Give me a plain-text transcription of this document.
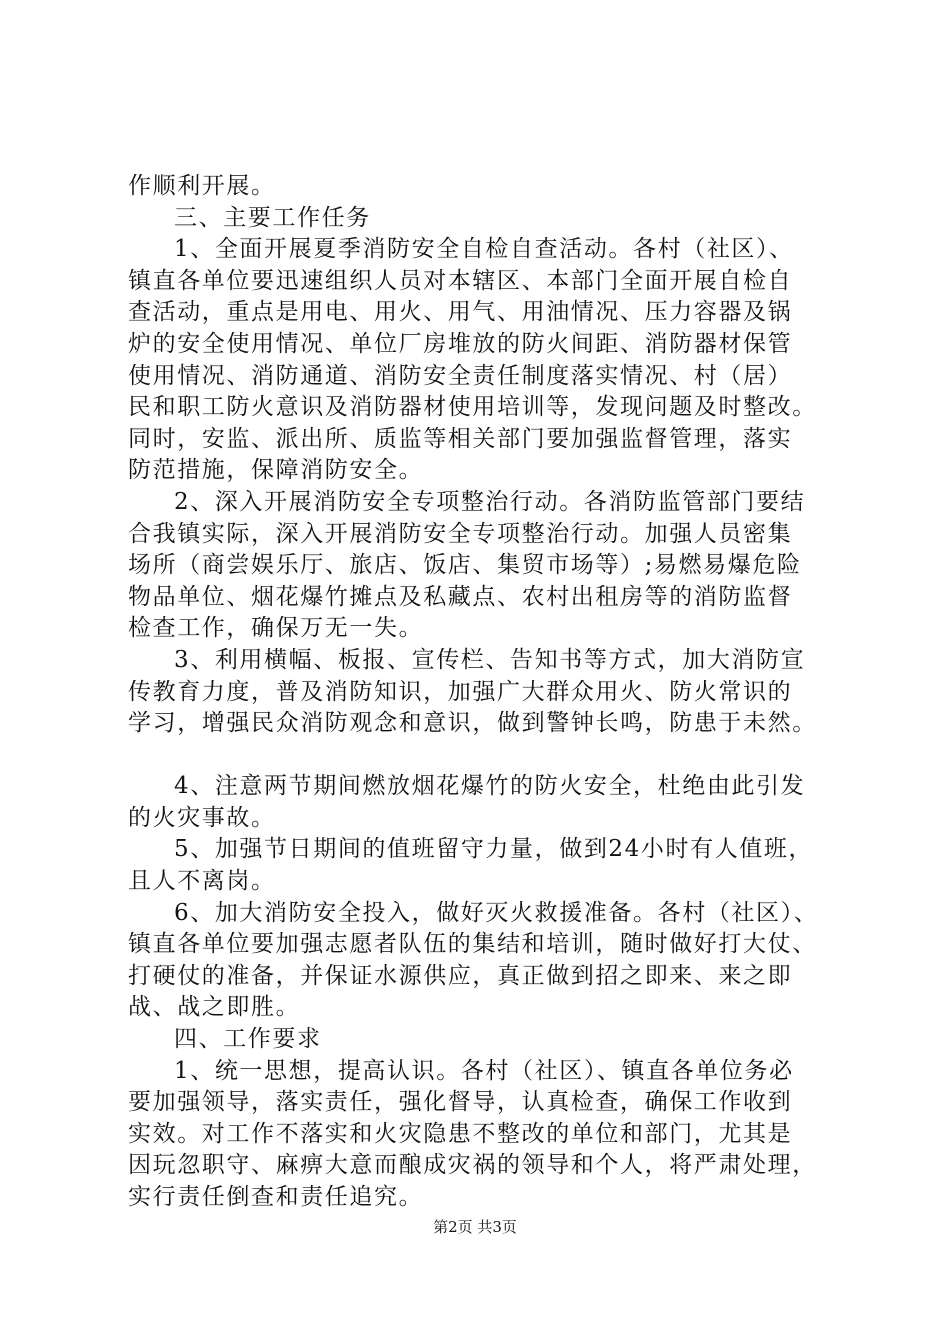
作顺利开展。
三、主要工作任务
1、全面开展夏季消防安全自检自查活动。各村（社区）、
镇直各单位要迅速组织人员对本辖区、本部门全面开展自检自
查活动，重点是用电、用火、用气、用油情况、压力容器及锅
炉的安全使用情况、单位厂房堆放的防火间距、消防器材保管
使用情况、消防通道、消防安全责任制度落实情况、村（居）
民和职工防火意识及消防器材使用培训等，发现问题及时整改。
同时，安监、派出所、质监等相关部门要加强监督管理，落实
防范措施，保障消防安全。
2、深入开展消防安全专项整治行动。各消防监管部门要结
合我镇实际，深入开展消防安全专项整治行动。加强人员密集
场所（商尝娱乐厅、旅店、饭店、集贸市场等）;易燃易爆危险
物品单位、烟花爆竹摊点及私藏点、农村出租房等的消防监督
检查工作，确保万无一失。
3、利用横幅、板报、宣传栏、告知书等方式，加大消防宣
传教育力度，普及消防知识，加强广大群众用火、防火常识的
学习，增强民众消防观念和意识，做到警钟长鸣，防患于未然。
4、注意两节期间燃放烟花爆竹的防火安全，杜绝由此引发
的火灾事故。
5、加强节日期间的值班留守力量，做到24小时有人值班，
且人不离岗。
6、加大消防安全投入，做好灭火救援准备。各村（社区）、
镇直各单位要加强志愿者队伍的集结和培训，随时做好打大仗、
打硬仗的准备，并保证水源供应，真正做到招之即来、来之即
战、战之即胜。
四、工作要求
1、统一思想，提高认识。各村（社区）、镇直各单位务必
要加强领导，落实责任，强化督导，认真检查，确保工作收到
实效。对工作不落实和火灾隐患不整改的单位和部门，尤其是
因玩忽职守、麻痹大意而酿成灾祸的领导和个人，将严肃处理，
实行责任倒查和责任追究。
第2页 共3页
